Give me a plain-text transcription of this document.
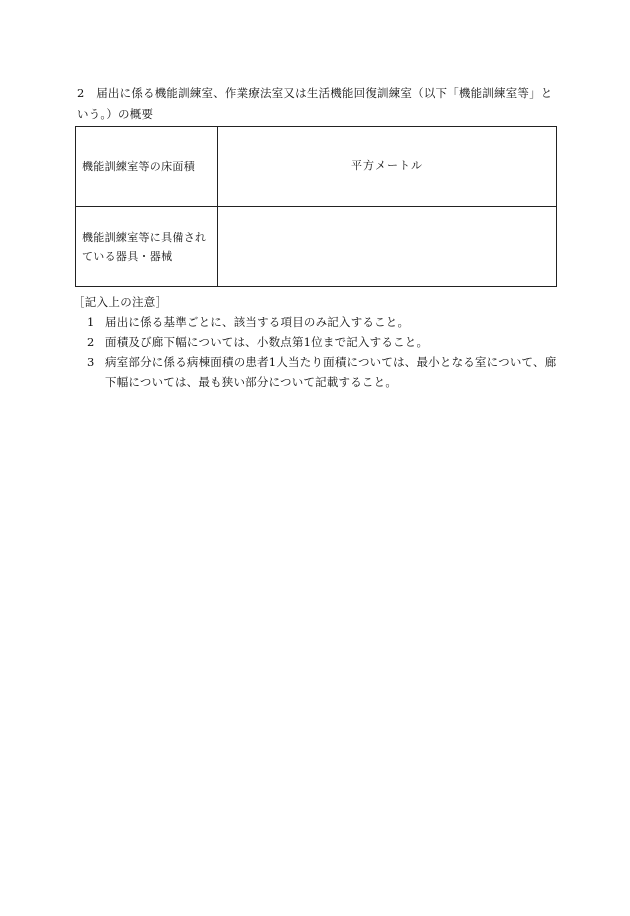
2　届出に係る機能訓練室、作業療法室又は生活機能回復訓練室（以下「機能訓練室等」という。）の概要

機能訓練室等の床面積	平方メートル
機能訓練室等に具備されている器具・器械	

［記入上の注意］

1 届出に係る基準ごとに、該当する項目のみ記入すること。

2 面積及び廊下幅については、小数点第1位まで記入すること。

3 病室部分に係る病棟面積の患者1人当たり面積については、最小となる室について、廊下幅については、最も狭い部分について記載すること。
